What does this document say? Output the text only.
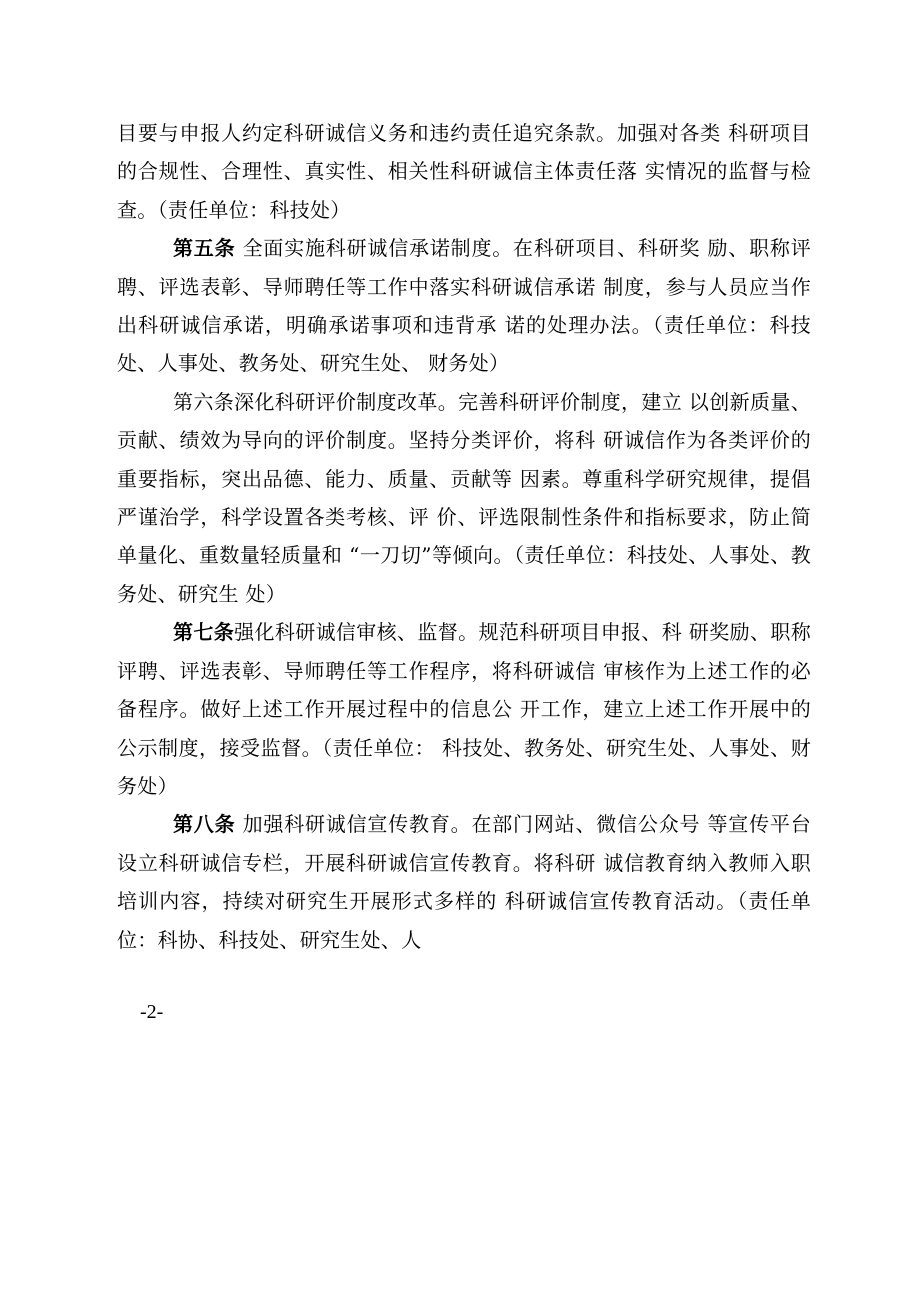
目要与申报人约定科研诚信义务和违约责任追究条款。加强对各类 科研项目的合规性、合理性、真实性、相关性科研诚信主体责任落 实情况的监督与检查。（责任单位：科技处）

第五条 全面实施科研诚信承诺制度。在科研项目、科研奖 励、职称评聘、评选表彰、导师聘任等工作中落实科研诚信承诺 制度，参与人员应当作出科研诚信承诺，明确承诺事项和违背承 诺的处理办法。（责任单位：科技处、人事处、教务处、研究生处、 财务处）

第六条深化科研评价制度改革。完善科研评价制度，建立 以创新质量、贡献、绩效为导向的评价制度。坚持分类评价，将科 研诚信作为各类评价的重要指标，突出品德、能力、质量、贡献等 因素。尊重科学研究规律，提倡严谨治学，科学设置各类考核、评 价、评选限制性条件和指标要求，防止简单量化、重数量轻质量和 “一刀切”等倾向。（责任单位：科技处、人事处、教务处、研究生 处）

第七条强化科研诚信审核、监督。规范科研项目申报、科 研奖励、职称评聘、评选表彰、导师聘任等工作程序，将科研诚信 审核作为上述工作的必备程序。做好上述工作开展过程中的信息公 开工作，建立上述工作开展中的公示制度，接受监督。（责任单位： 科技处、教务处、研究生处、人事处、财务处）

第八条 加强科研诚信宣传教育。在部门网站、微信公众号 等宣传平台设立科研诚信专栏，开展科研诚信宣传教育。将科研 诚信教育纳入教师入职培训内容，持续对研究生开展形式多样的 科研诚信宣传教育活动。（责任单位：科协、科技处、研究生处、人

-2-
